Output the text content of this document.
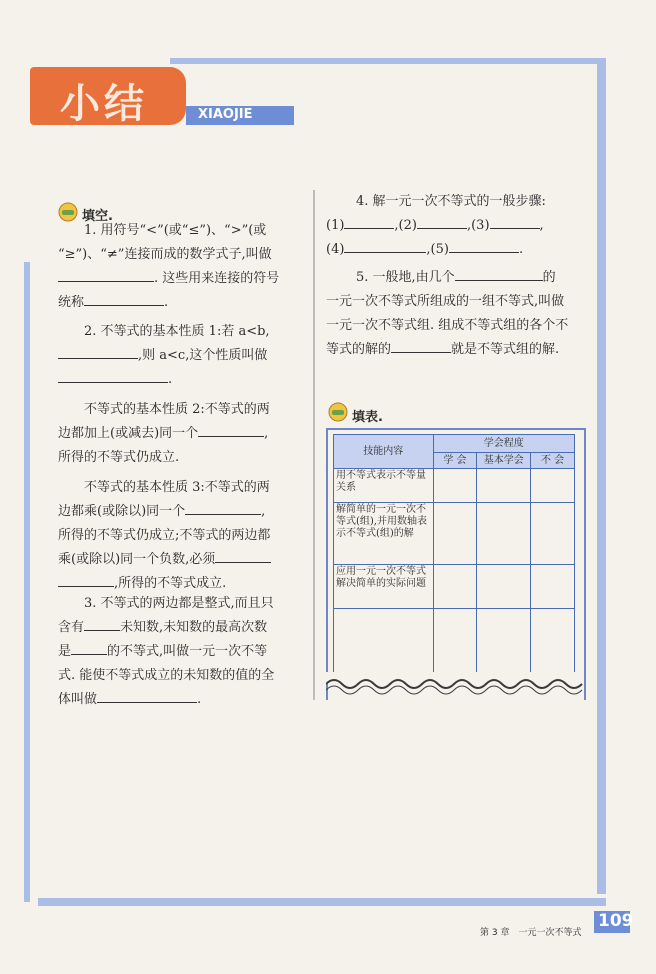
小结	XIAOJIE
填空.
1. 用符号“<”(或“≤”)、“>”(或
“≥”)、“≠”连接而成的数学式子,叫做
. 这些用来连接的符号
统称	.
2. 不等式的基本性质 1:若 a<b,
,则 a<c,这个性质叫做
.
不等式的基本性质 2:不等式的两
边都加上(或减去)同一个	,
所得的不等式仍成立.
不等式的基本性质 3:不等式的两
边都乘(或除以)同一个	,
所得的不等式仍成立;不等式的两边都
乘(或除以)同一个负数,必须
,所得的不等式成立.
3. 不等式的两边都是整式,而且只
含有	未知数,未知数的最高次数
是	的不等式,叫做一元一次不等
式. 能使不等式成立的未知数的值的全
体叫做	.
4. 解一元一次不等式的一般步骤:
(1)	,(2)	,(3)	,
(4)	,(5)	.
5. 一般地,由几个	的
一元一次不等式所组成的一组不等式,叫做
一元一次不等式组. 组成不等式组的各个不
等式的解的	就是不等式组的解.
填表.
技能内容	学会程度		
	学 会	基本学会	不 会
用不等式表示不等量关系			
解简单的一元一次不等式(组),并用数轴表示不等式(组)的解			
应用一元一次不等式解决简单的实际问题			

第 3 章　一元一次不等式
109
